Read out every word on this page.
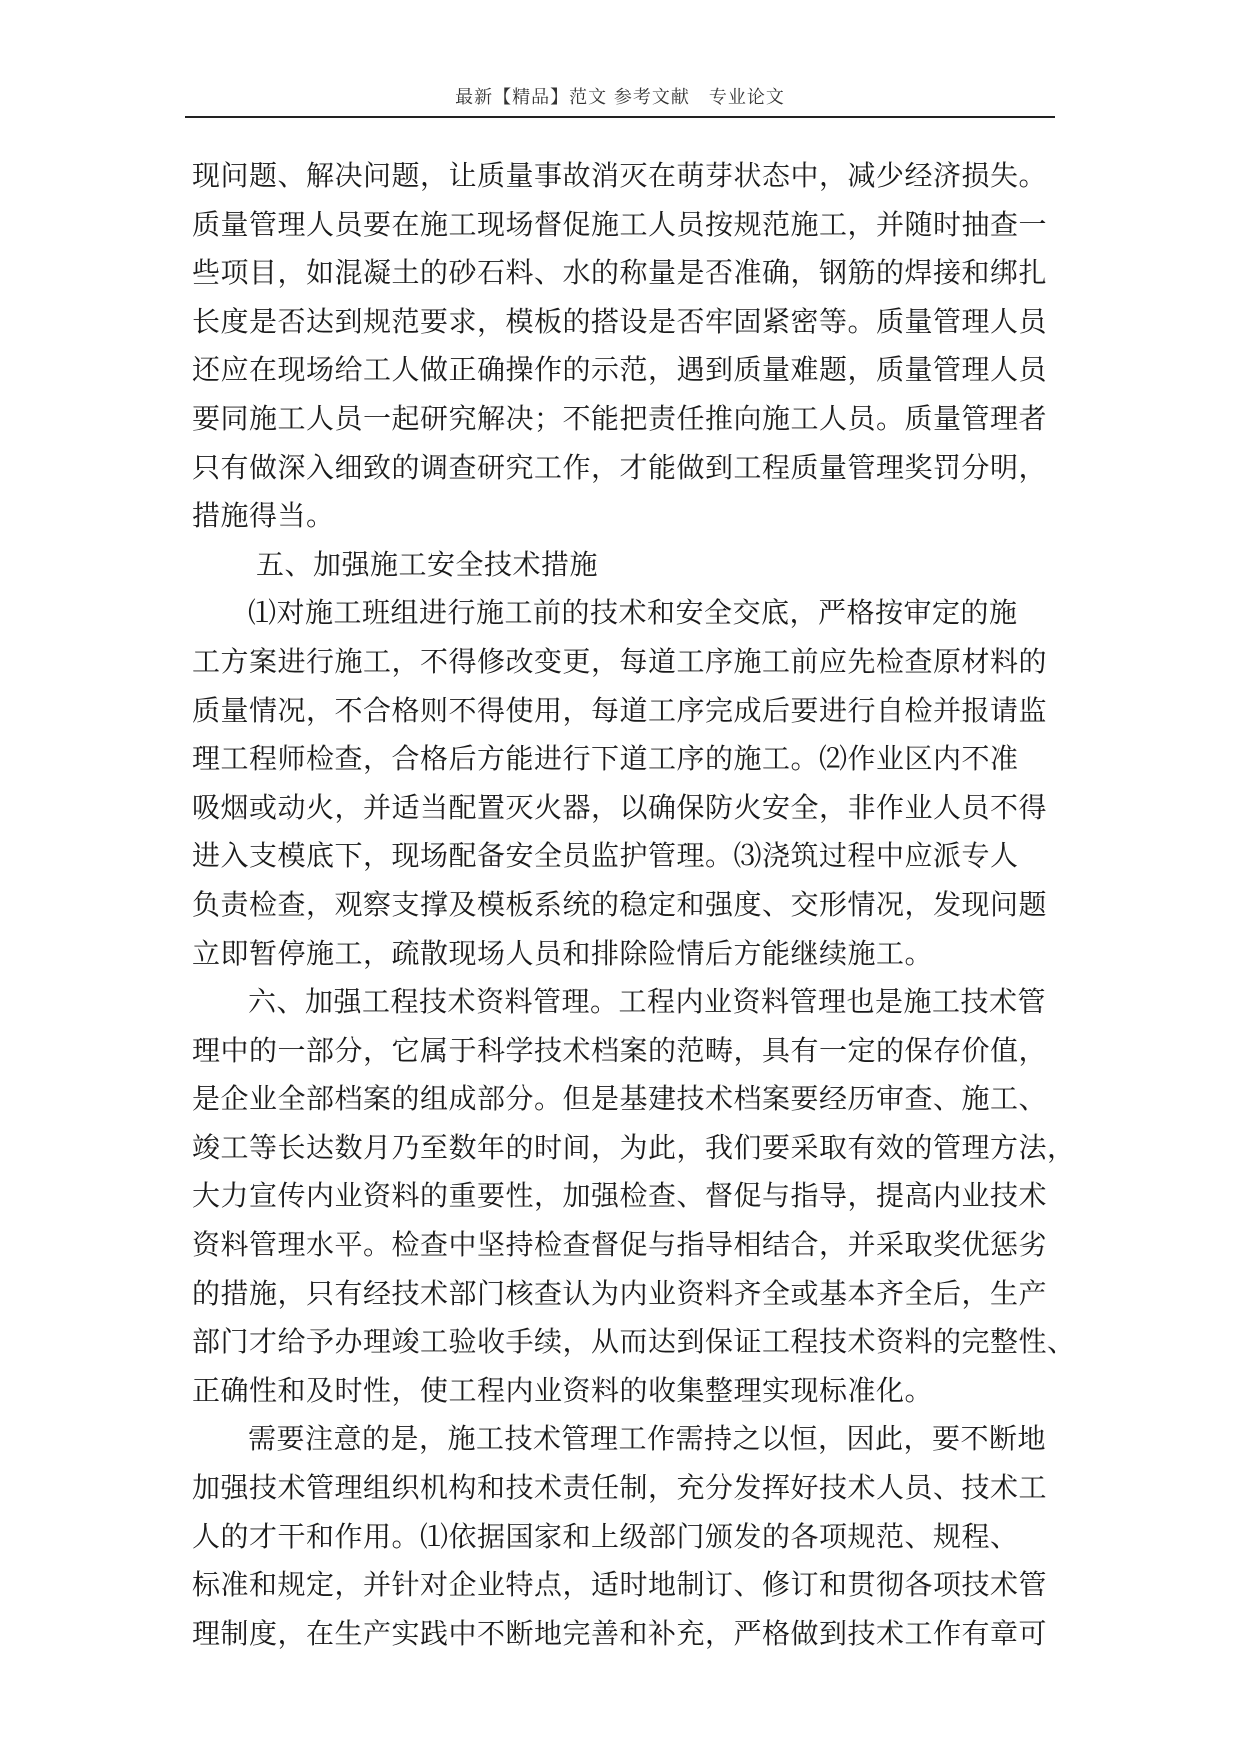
最新【精品】范文 参考文献　专业论文
现问题、解决问题，让质量事故消灭在萌芽状态中，减少经济损失。
质量管理人员要在施工现场督促施工人员按规范施工，并随时抽查一
些项目，如混凝土的砂石料、水的称量是否准确，钢筋的焊接和绑扎
长度是否达到规范要求，模板的搭设是否牢固紧密等。质量管理人员
还应在现场给工人做正确操作的示范，遇到质量难题，质量管理人员
要同施工人员一起研究解决；不能把责任推向施工人员。质量管理者
只有做深入细致的调查研究工作，才能做到工程质量管理奖罚分明，
措施得当。
五、加强施工安全技术措施
⑴对施工班组进行施工前的技术和安全交底，严格按审定的施
工方案进行施工，不得修改变更，每道工序施工前应先检查原材料的
质量情况，不合格则不得使用，每道工序完成后要进行自检并报请监
理工程师检查，合格后方能进行下道工序的施工。⑵作业区内不准
吸烟或动火，并适当配置灭火器，以确保防火安全，非作业人员不得
进入支模底下，现场配备安全员监护管理。⑶浇筑过程中应派专人
负责检查，观察支撑及模板系统的稳定和强度、交形情况，发现问题
立即暂停施工，疏散现场人员和排除险情后方能继续施工。
六、加强工程技术资料管理。工程内业资料管理也是施工技术管
理中的一部分，它属于科学技术档案的范畴，具有一定的保存价值，
是企业全部档案的组成部分。但是基建技术档案要经历审查、施工、
竣工等长达数月乃至数年的时间，为此，我们要采取有效的管理方法，
大力宣传内业资料的重要性，加强检查、督促与指导，提高内业技术
资料管理水平。检查中坚持检查督促与指导相结合，并采取奖优惩劣
的措施，只有经技术部门核查认为内业资料齐全或基本齐全后，生产
部门才给予办理竣工验收手续，从而达到保证工程技术资料的完整性、
正确性和及时性，使工程内业资料的收集整理实现标准化。
需要注意的是，施工技术管理工作需持之以恒，因此，要不断地
加强技术管理组织机构和技术责任制，充分发挥好技术人员、技术工
人的才干和作用。⑴依据国家和上级部门颁发的各项规范、规程、
标准和规定，并针对企业特点，适时地制订、修订和贯彻各项技术管
理制度，在生产实践中不断地完善和补充，严格做到技术工作有章可
